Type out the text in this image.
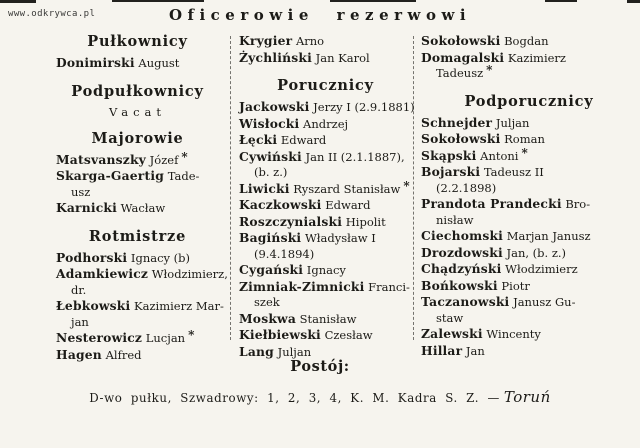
www.odkrywca.pl	Oficerowie rezerwowi
Pułkownicy
Donimirski August
Podpułkownicy
Vacat
Majorowie
Matsvanszky Józef *
Skarga-Gaertig Tade-
usz
Karnicki Wacław
Rotmistrze
Podhorski Ignacy (b)
Adamkiewicz Włodzimierz,
dr.
Łebkowski Kazimierz Mar-
jan
Nesterowicz Lucjan *
Hagen Alfred
Krygier Arno
Żychliński Jan Karol
Porucznicy
Jackowski Jerzy I (2.9.1881)
Wisłocki Andrzej
Łęcki Edward
Cywiński Jan II (2.1.1887),
(b. z.)
Liwicki Ryszard Stanisław *
Kaczkowski Edward
Roszczynialski Hipolit
Bagiński Władysław I
(9.4.1894)
Cygański Ignacy
Zimniak-Zimnicki Franci-
szek
Moskwa Stanisław
Kiełbiewski Czesław
Lang Juljan
Sokołowski Bogdan
Domagalski Kazimierz
Tadeusz *
Podporucznicy
Schnejder Juljan
Sokołowski Roman
Skąpski Antoni *
Bojarski Tadeusz II
(2.2.1898)
Prandota Prandecki Bro-
nisław
Ciechomski Marjan Janusz
Drozdowski Jan, (b. z.)
Chądzyński Włodzimierz
Bońkowski Piotr
Taczanowski Janusz Gu-
staw
Zalewski Wincenty
Hillar Jan
Postój:
D-wo pułku, Szwadrowy: 1, 2, 3, 4, K. M. Kadra S. Z. — Toruń
